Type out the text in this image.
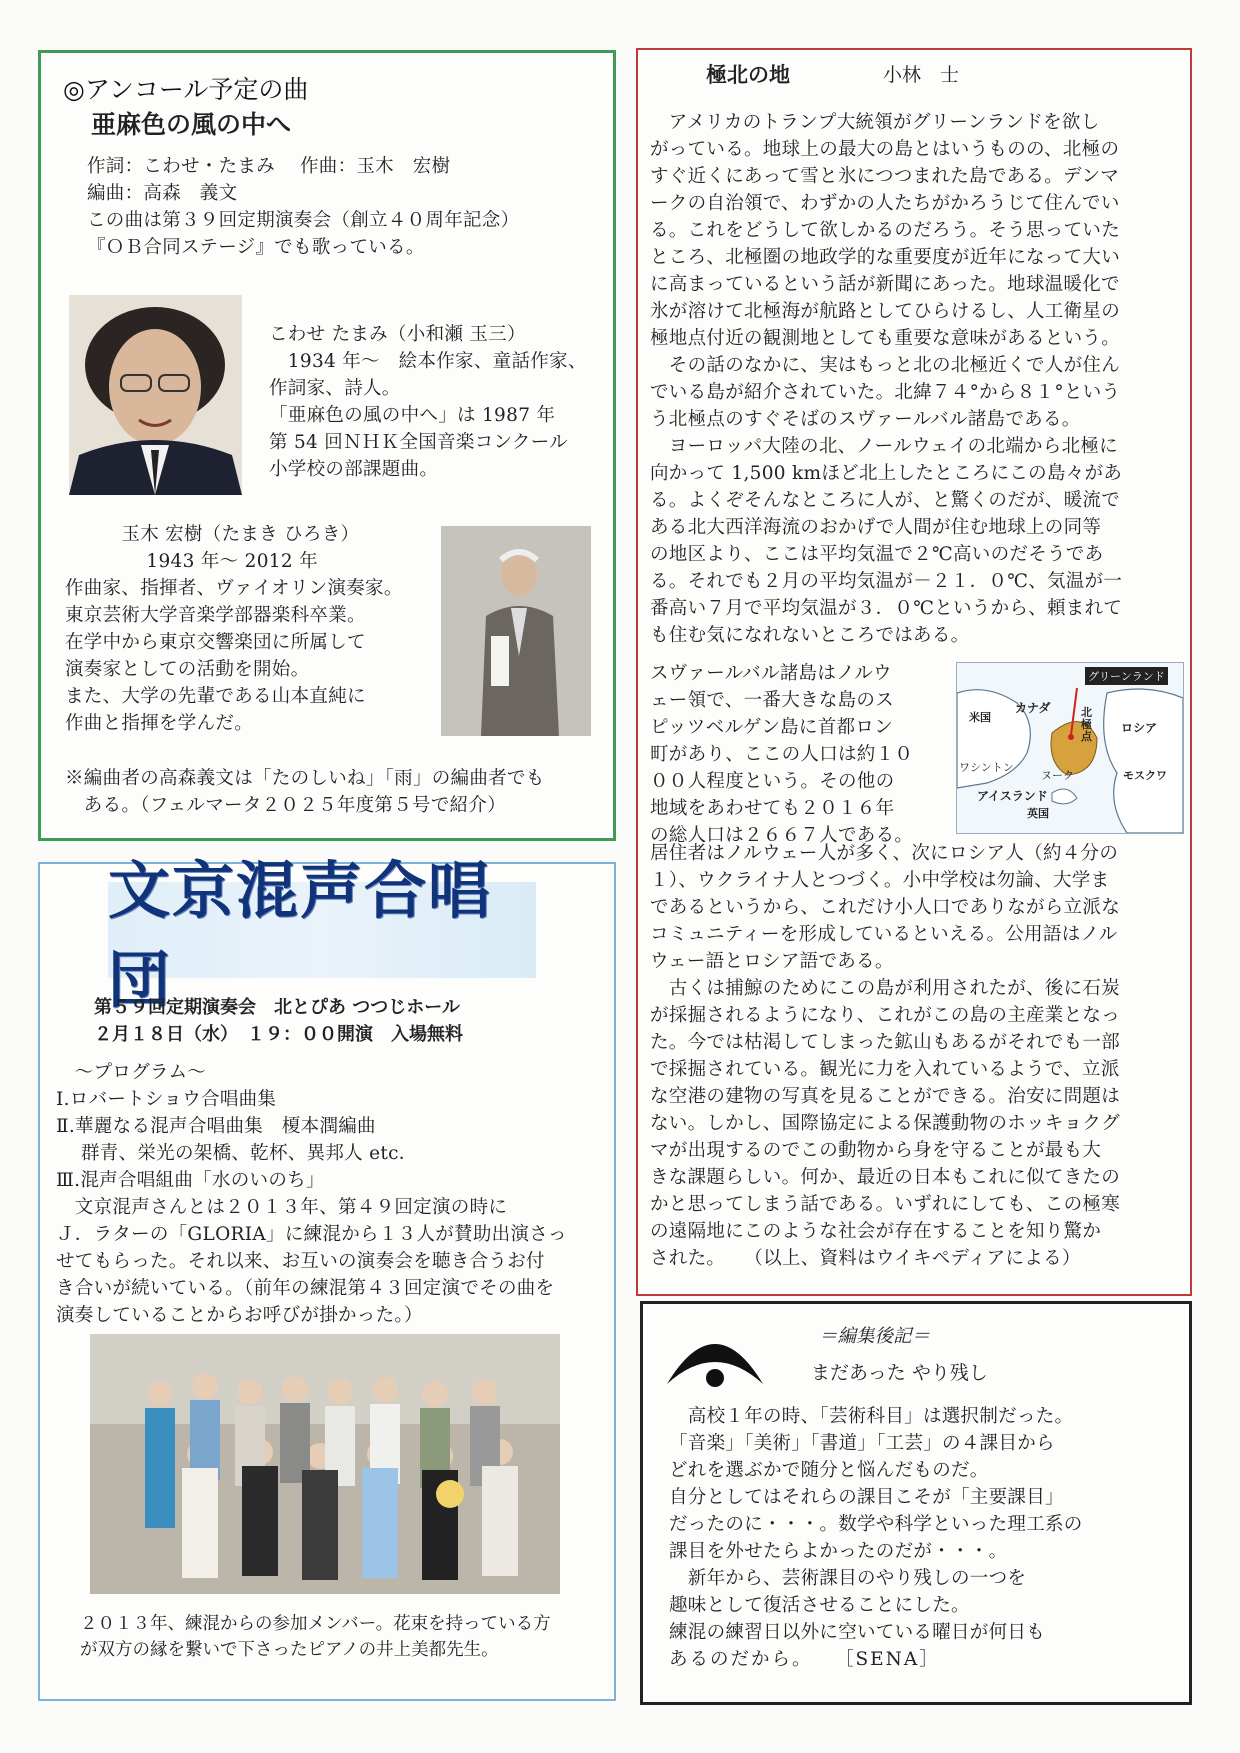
◎アンコール予定の曲
亜麻色の風の中へ
作詞：こわせ・たまみ　 作曲：玉木　宏樹
編曲：高森　義文
この曲は第３９回定期演奏会（創立４０周年記念）
『ＯＢ合同ステージ』でも歌っている。
こわせ たまみ（小和瀬 玉三）
　1934 年～　絵本作家、童話作家、
作詞家、詩人。
「亜麻色の風の中へ」は 1987 年
第 54 回ＮＨＫ全国音楽コンクール
小学校の部課題曲。
　　　玉木 宏樹（たまき ひろき）
　　　　 1943 年～ 2012 年
作曲家、指揮者、ヴァイオリン演奏家。
東京芸術大学音楽学部器楽科卒業。
在学中から東京交響楽団に所属して
演奏家としての活動を開始。
また、大学の先輩である山本直純に
作曲と指揮を学んだ。
※編曲者の高森義文は「たのしいね」「雨」の編曲者でも
　ある。（フェルマータ２０２５年度第５号で紹介）
極北の地	小林　士
　アメリカのトランプ大統領がグリーンランドを欲し
がっている。地球上の最大の島とはいうものの、北極の
すぐ近くにあって雪と氷につつまれた島である。デンマ
ークの自治領で、わずかの人たちがかろうじて住んでい
る。これをどうして欲しかるのだろう。そう思っていた
ところ、北極圏の地政学的な重要度が近年になって大い
に高まっているという話が新聞にあった。地球温暖化で
氷が溶けて北極海が航路としてひらけるし、人工衛星の
極地点付近の観測地としても重要な意味があるという。
　その話のなかに、実はもっと北の北極近くで人が住ん
でいる島が紹介されていた。北緯７４°から８１°という
う北極点のすぐそばのスヴァールバル諸島である。
　ヨーロッパ大陸の北、ノールウェイの北端から北極に
向かって 1,500 kmほど北上したところにこの島々があ
る。よくぞそんなところに人が、と驚くのだが、暖流で
ある北大西洋海流のおかげで人間が住む地球上の同等
の地区より、ここは平均気温で２℃高いのだそうであ
る。それでも２月の平均気温が－２１．０℃、気温が一
番高い７月で平均気温が３．０℃というから、頼まれて
も住む気になれないところではある。
スヴァールバル諸島はノルウ
ェー領で、一番大きな島のス
ピッツベルゲン島に首都ロン
町があり、ここの人口は約１０
００人程度という。その他の
地域をあわせても２０１６年
の総人口は２６６７人である。
グリーンランド
カナダ
米国	北極点
ロシア
ワシントン
ヌーク
アイスランド
英国
モスクワ
居住者はノルウェー人が多く、次にロシア人（約４分の
１）、ウクライナ人とつづく。小中学校は勿論、大学ま
であるというから、これだけ小人口でありながら立派な
コミュニティーを形成しているといえる。公用語はノル
ウェー語とロシア語である。
　古くは捕鯨のためにこの島が利用されたが、後に石炭
が採掘されるようになり、これがこの島の主産業となっ
た。今では枯渇してしまった鉱山もあるがそれでも一部
で採掘されている。観光に力を入れているようで、立派
な空港の建物の写真を見ることができる。治安に問題は
ない。しかし、国際協定による保護動物のホッキョクグ
マが出現するのでこの動物から身を守ることが最も大
きな課題らしい。何か、最近の日本もこれに似てきたの
かと思ってしまう話である。いずれにしても、この極寒
の遠隔地にこのような社会が存在することを知り驚か
された。　　（以上、資料はウイキペディアによる）
文京混声合唱団
第５９回定期演奏会　北とぴあ つつじホール
２月１８日（水）　１９：００開演　入場無料
　～プログラム～
Ⅰ.ロバートショウ合唱曲集
Ⅱ.華麗なる混声合唱曲集　榎本潤編曲
　 群青、栄光の架橋、乾杯、異邦人 etc．
Ⅲ.混声合唱組曲「水のいのち」
　文京混声さんとは２０１３年、第４９回定演の時に
Ｊ．ラターの「GLORIA」に練混から１３人が賛助出演さっ
せてもらった。それ以来、お互いの演奏会を聴き合うお付
き合いが続いている。（前年の練混第４３回定演でその曲を
演奏していることからお呼びが掛かった。）
２０１３年、練混からの参加メンバー。花束を持っている方
が双方の縁を繋いで下さったピアノの井上美都先生。
＝編集後記＝
まだあった やり残し
　高校１年の時、「芸術科目」は選択制だった。
「音楽」「美術」「書道」「工芸」の４課目から
どれを選ぶかで随分と悩んだものだ。
自分としてはそれらの課目こそが「主要課目」
だったのに・・・。数学や科学といった理工系の
課目を外せたらよかったのだが・・・。
　新年から、芸術課目のやり残しの一つを
趣味として復活させることにした。
練混の練習日以外に空いている曜日が何日も
あるのだから。　　［SENA］
